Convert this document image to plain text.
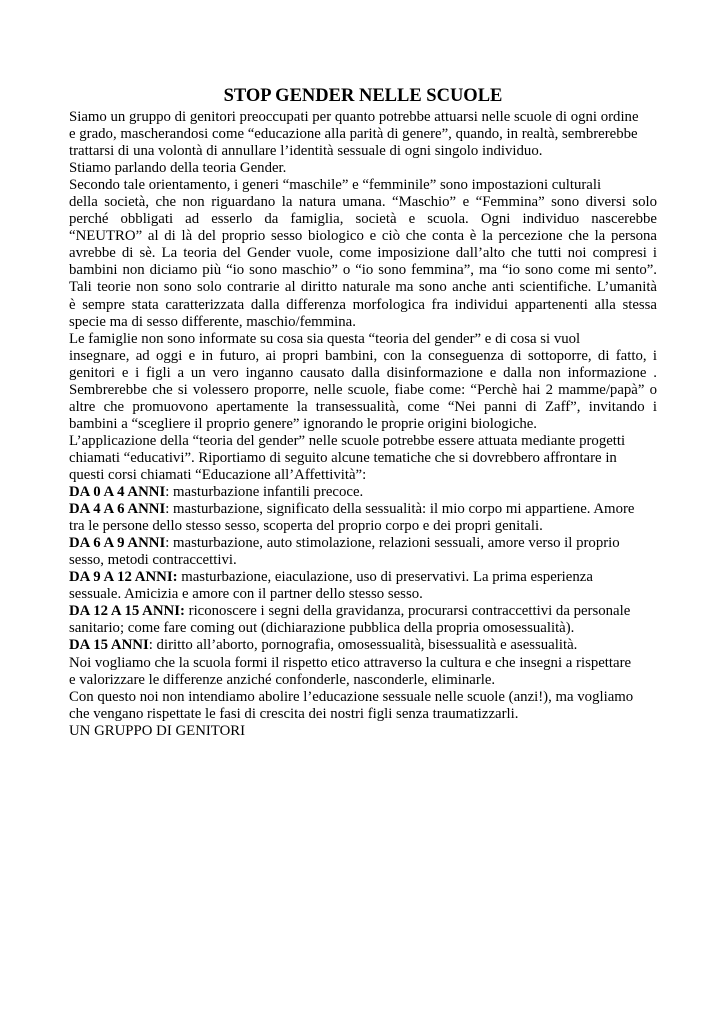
STOP GENDER NELLE SCUOLE
Siamo un gruppo di genitori preoccupati per quanto potrebbe attuarsi nelle scuole di ogni ordine
e grado, mascherandosi come “educazione alla parità di genere”, quando, in realtà, sembrerebbe
trattarsi di una volontà di annullare l’identità sessuale di ogni singolo individuo.
Stiamo parlando della teoria Gender.
Secondo tale orientamento, i generi “maschile” e “femminile” sono impostazioni culturali
della società, che non riguardano la natura umana. “Maschio” e “Femmina” sono diversi solo
perché obbligati ad esserlo da famiglia, società e scuola. Ogni individuo nascerebbe
“NEUTRO” al di là del proprio sesso biologico e ciò che conta è la percezione che la persona
avrebbe di sè. La teoria del Gender vuole, come imposizione dall’alto che tutti noi compresi i
bambini non diciamo più “io sono maschio” o “io sono femmina”, ma “io sono come mi sento”.
Tali teorie non sono solo contrarie al diritto naturale ma sono anche anti scientifiche. L’umanità
è sempre stata caratterizzata dalla differenza morfologica fra individui appartenenti alla stessa
specie ma di sesso differente, maschio/femmina.
Le famiglie non sono informate su cosa sia questa “teoria del gender” e di cosa si vuol
insegnare, ad oggi e in futuro, ai propri bambini, con la conseguenza di sottoporre, di fatto, i
genitori e i figli a un vero inganno causato dalla disinformazione e dalla non informazione .
Sembrerebbe che si volessero proporre, nelle scuole, fiabe come: “Perchè hai 2 mamme/papà” o
altre che promuovono apertamente la transessualità, come “Nei panni di Zaff”, invitando i
bambini a “scegliere il proprio genere” ignorando le proprie origini biologiche.
L’applicazione della “teoria del gender” nelle scuole potrebbe essere attuata mediante progetti
chiamati “educativi”. Riportiamo di seguito alcune tematiche che si dovrebbero affrontare in
questi corsi chiamati “Educazione all’Affettività”:
DA 0 A 4 ANNI: masturbazione infantili precoce.
DA 4 A 6 ANNI: masturbazione, significato della sessualità: il mio corpo mi appartiene. Amore
tra le persone dello stesso sesso, scoperta del proprio corpo e dei propri genitali.
DA 6 A 9 ANNI: masturbazione, auto stimolazione, relazioni sessuali, amore verso il proprio
sesso, metodi contraccettivi.
DA 9 A 12 ANNI: masturbazione, eiaculazione, uso di preservativi. La prima esperienza
sessuale. Amicizia e amore con il partner dello stesso sesso.
DA 12 A 15 ANNI: riconoscere i segni della gravidanza, procurarsi contraccettivi da personale
sanitario; come fare coming out (dichiarazione pubblica della propria omosessualità).
DA 15 ANNI: diritto all’aborto, pornografia, omosessualità, bisessualità e asessualità.
Noi vogliamo che la scuola formi il rispetto etico attraverso la cultura e che insegni a rispettare
e valorizzare le differenze anziché confonderle, nasconderle, eliminarle.
Con questo noi non intendiamo abolire l’educazione sessuale nelle scuole (anzi!), ma vogliamo
che vengano rispettate le fasi di crescita dei nostri figli senza traumatizzarli.
UN GRUPPO DI GENITORI
